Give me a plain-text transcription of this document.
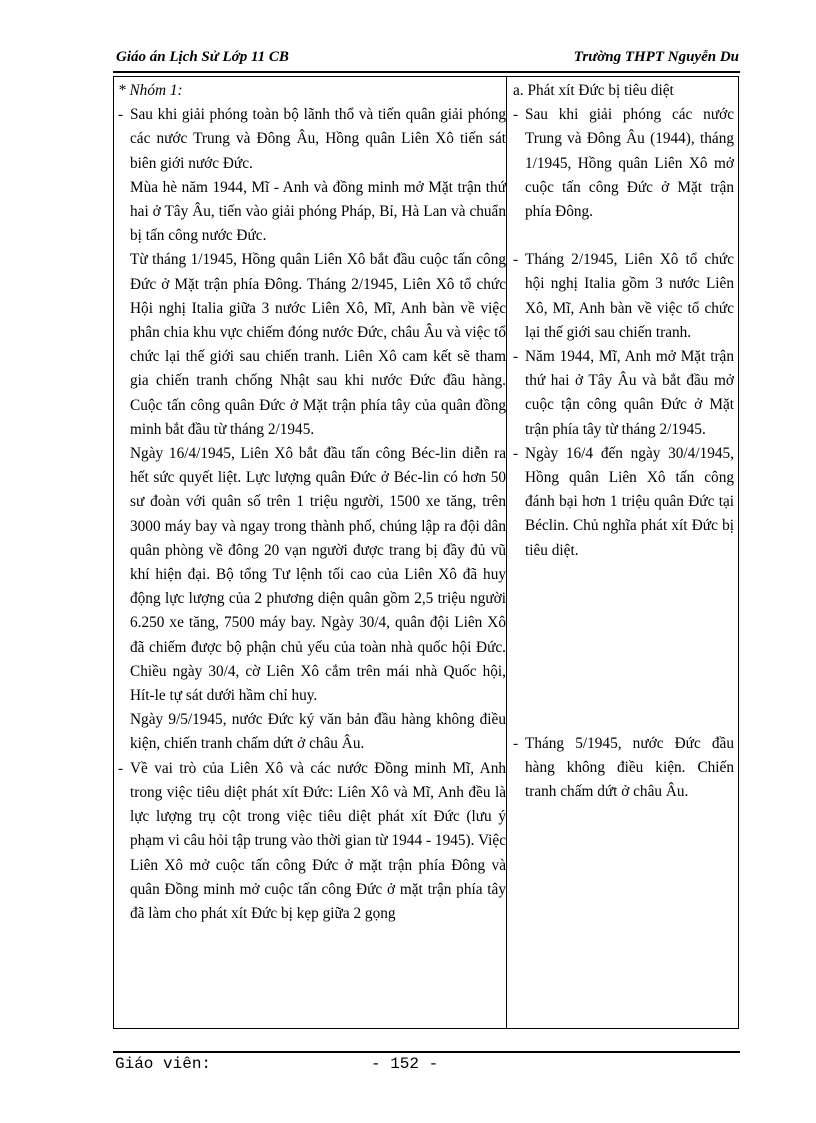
Giáo án Lịch Sử Lớp 11 CB	Trường THPT Nguyễn Du
* Nhóm 1:
- Sau khi giải phóng toàn bộ lãnh thổ và tiến quân giải phóng các nước Trung và Đông Âu, Hồng quân Liên Xô tiến sát biên giới nước Đức.
Mùa hè năm 1944, Mĩ - Anh và đồng minh mở Mặt trận thứ hai ở Tây Âu, tiến vào giải phóng Pháp, Bỉ, Hà Lan và chuẩn bị tấn công nước Đức.
Từ tháng 1/1945, Hồng quân Liên Xô bắt đầu cuộc tấn công Đức ở Mặt trận phía Đông. Tháng 2/1945, Liên Xô tổ chức Hội nghị Italia giữa 3 nước Liên Xô, Mĩ, Anh bàn về việc phân chia khu vực chiếm đóng nước Đức, châu Âu và việc tổ chức lại thế giới sau chiến tranh. Liên Xô cam kết sẽ tham gia chiến tranh chống Nhật sau khi nước Đức đầu hàng. Cuộc tấn công quân Đức ở Mặt trận phía tây của quân đồng minh bắt đầu từ tháng 2/1945.
Ngày 16/4/1945, Liên Xô bắt đầu tấn công Béc-lin diễn ra hết sức quyết liệt. Lực lượng quân Đức ở Béc-lin có hơn 50 sư đoàn với quân số trên 1 triệu người, 1500 xe tăng, trên 3000 máy bay và ngay trong thành phố, chúng lập ra đội dân quân phòng về đông 20 vạn người được trang bị đầy đủ vũ khí hiện đại. Bộ tổng Tư lệnh tối cao của Liên Xô đã huy động lực lượng của 2 phương diện quân gồm 2,5 triệu người 6.250 xe tăng, 7500 máy bay. Ngày 30/4, quân đội Liên Xô đã chiếm được bộ phận chủ yếu của toàn nhà quốc hội Đức. Chiều ngày 30/4, cờ Liên Xô cắm trên mái nhà Quốc hội, Hít-le tự sát dưới hầm chỉ huy.
Ngày 9/5/1945, nước Đức ký văn bản đầu hàng không điều kiện, chiến tranh chấm dứt ở châu Âu.
- Về vai trò của Liên Xô và các nước Đồng minh Mĩ, Anh trong việc tiêu diệt phát xít Đức: Liên Xô và Mĩ, Anh đều là lực lượng trụ cột trong việc tiêu diệt phát xít Đức (lưu ý phạm vi câu hỏi tập trung vào thời gian từ 1944 - 1945). Việc Liên Xô mở cuộc tấn công Đức ở mặt trận phía Đông và quân Đồng minh mở cuộc tấn công Đức ở mặt trận phía tây đã làm cho phát xít Đức bị kẹp giữa 2 gọng
a. Phát xít Đức bị tiêu diệt
- Sau khi giải phóng các nước Trung và Đông Âu (1944), tháng 1/1945, Hồng quân Liên Xô mở cuộc tấn công Đức ở Mặt trận phía Đông.
- Tháng 2/1945, Liên Xô tổ chức hội nghị Italia gồm 3 nước Liên Xô, Mĩ, Anh bàn về việc tổ chức lại thế giới sau chiến tranh.
- Năm 1944, Mĩ, Anh mở Mặt trận thứ hai ở Tây Âu và bắt đầu mở cuộc tận công quân Đức ở Mặt trận phía tây từ tháng 2/1945.
- Ngày 16/4 đến ngày 30/4/1945, Hồng quân Liên Xô tấn công đánh bại hơn 1 triệu quân Đức tại Béclin. Chủ nghĩa phát xít Đức bị tiêu diệt.
- Tháng 5/1945, nước Đức đầu hàng không điều kiện. Chiến tranh chấm dứt ở châu Âu.
Giáo viên:	- 152 -
